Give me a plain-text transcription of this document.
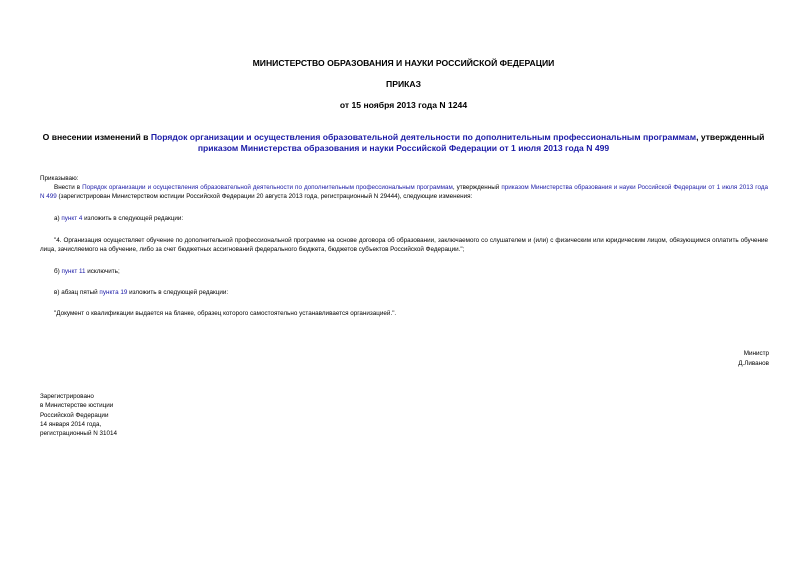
МИНИСТЕРСТВО ОБРАЗОВАНИЯ И НАУКИ РОССИЙСКОЙ ФЕДЕРАЦИИ
ПРИКАЗ
от 15 ноября 2013 года N 1244
О внесении изменений в Порядок организации и осуществления образовательной деятельности по дополнительным профессиональным программам, утвержденный приказом Министерства образования и науки Российской Федерации от 1 июля 2013 года N 499
Приказываю:
Внести в Порядок организации и осуществления образовательной деятельности по дополнительным профессиональным программам, утвержденный приказом Министерства образования и науки Российской Федерации от 1 июля 2013 года N 499 (зарегистрирован Министерством юстиции Российской Федерации 20 августа 2013 года, регистрационный N 29444), следующие изменения:
а) пункт 4 изложить в следующей редакции:
"4. Организация осуществляет обучение по дополнительной профессиональной программе на основе договора об образовании, заключаемого со слушателем и (или) с физическим или юридическим лицом, обязующимся оплатить обучение лица, зачисляемого на обучение, либо за счет бюджетных ассигнований федерального бюджета, бюджетов субъектов Российской Федерации.";
б) пункт 11 исключить;
в) абзац пятый пункта 19 изложить в следующей редакции:
"Документ о квалификации выдается на бланке, образец которого самостоятельно устанавливается организацией.".
Министр
Д.Ливанов
Зарегистрировано
в Министерстве юстиции
Российской Федерации
14 января 2014 года,
регистрационный N 31014
